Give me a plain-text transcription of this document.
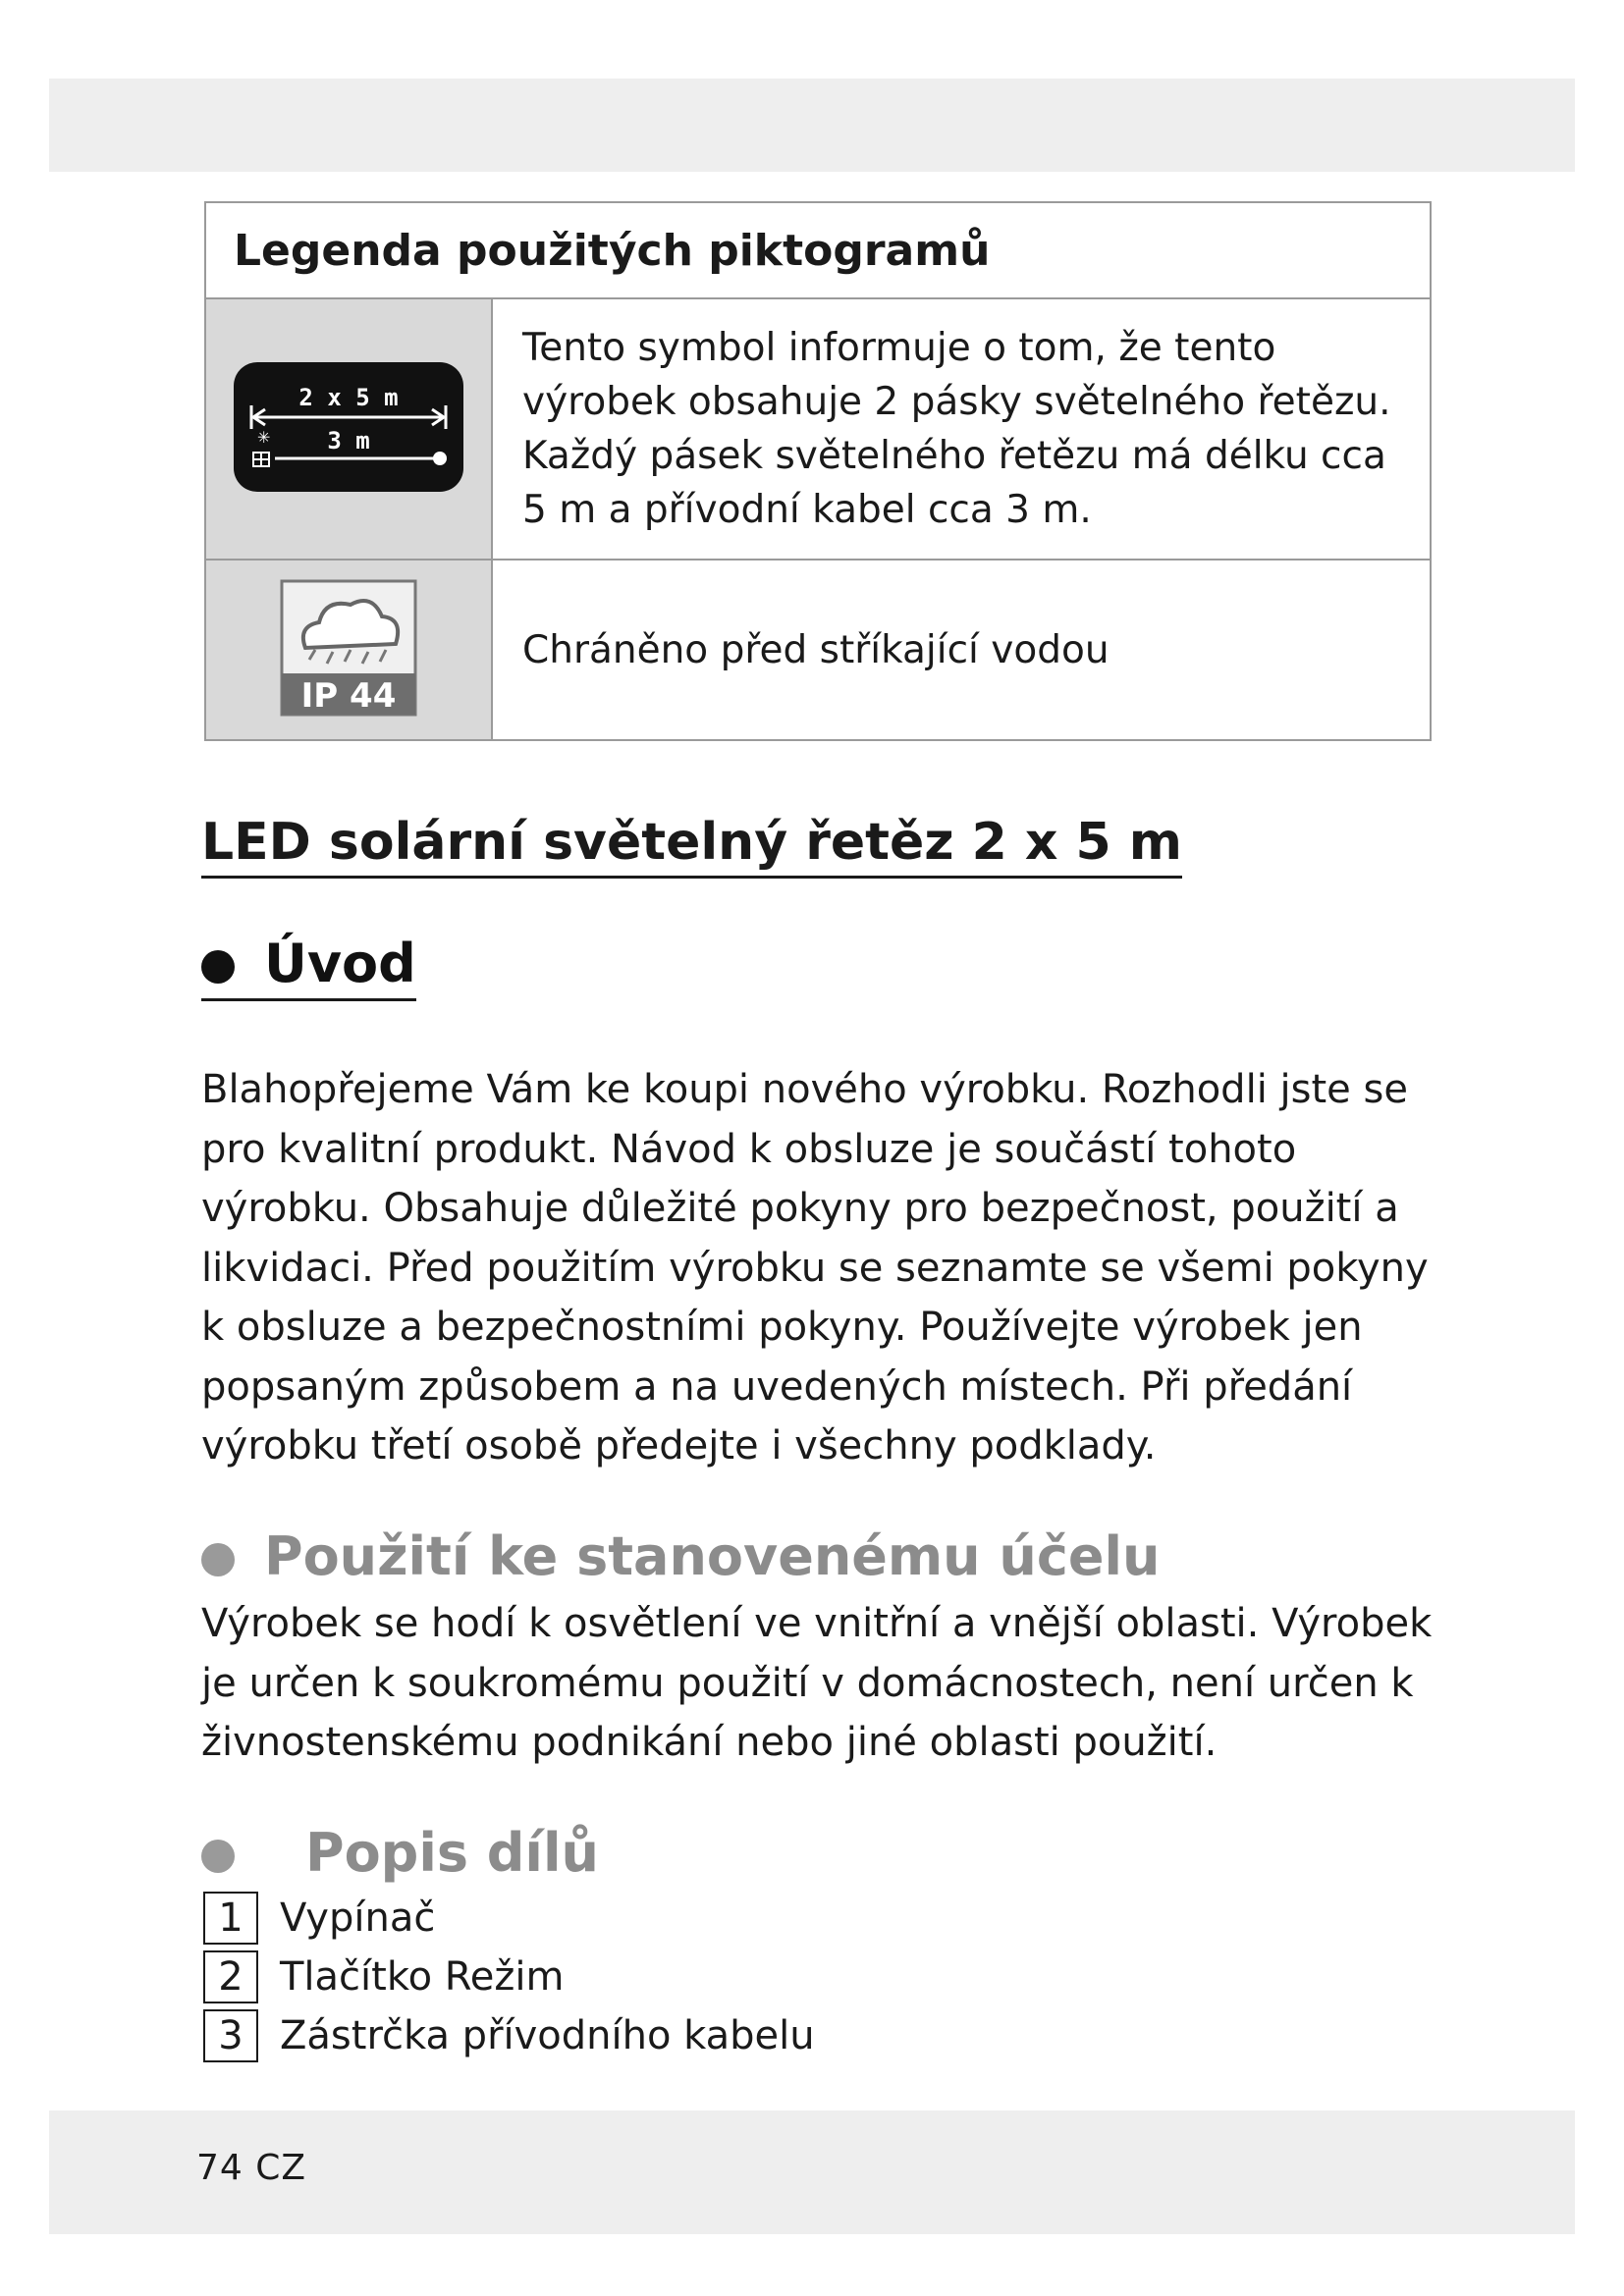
Legenda použitých piktogramů	

✳
2 x 5 m
3 m	Tento symbol informuje o tom, že tento výrobek obsahuje 2 pásky světelného řetězu. Každý pásek světelného řetězu má délku cca 5 m a přívodní kabel cca 3 m.

IP 44	Chráněno před stříkající vodou
LED solární světelný řetěz 2 x 5 m
Úvod

Blahopřejeme Vám ke koupi nového výrobku. Rozhodli jste se pro kvalitní produkt. Návod k obsluze je součástí tohoto výrobku. Obsahuje důležité pokyny pro bezpečnost, použití a likvidaci. Před použitím výrobku se seznamte se všemi pokyny k obsluze a bezpečnostními pokyny. Používejte výrobek jen popsaným způsobem a na uvedených místech. Při předání výrobku třetí osobě předejte i všechny podklady.

Použití ke stanovenému účelu

Výrobek se hodí k osvětlení ve vnitřní a vnější oblasti. Výrobek je určen k soukromému použití v domácnostech, není určen k živnostenskému podnikání nebo jiné oblasti použití.

Popis dílů
1 Vypínač
2 Tlačítko Režim
3 Zástrčka přívodního kabelu
74 CZ
